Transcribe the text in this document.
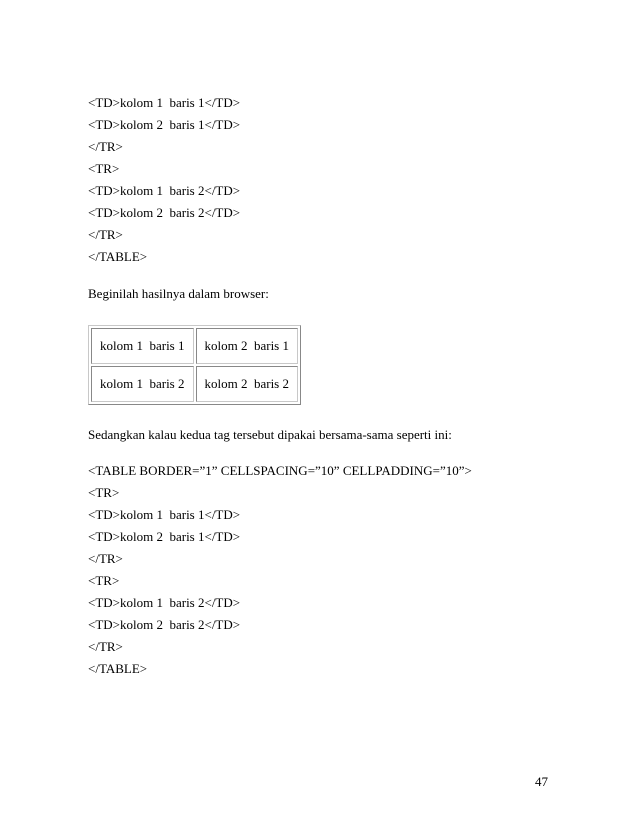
<TD>kolom 1  baris 1</TD>
<TD>kolom 2  baris 1</TD>
</TR>
<TR>
<TD>kolom 1  baris 2</TD>
<TD>kolom 2  baris 2</TD>
</TR>
</TABLE>
Beginilah hasilnya dalam browser:
kolom 1  baris 1	kolom 2  baris 1
kolom 1  baris 2	kolom 2  baris 2
Sedangkan kalau kedua tag tersebut dipakai bersama-sama seperti ini:
<TABLE BORDER=”1” CELLSPACING=”10” CELLPADDING=”10”>
<TR>
<TD>kolom 1  baris 1</TD>
<TD>kolom 2  baris 1</TD>
</TR>
<TR>
<TD>kolom 1  baris 2</TD>
<TD>kolom 2  baris 2</TD>
</TR>
</TABLE>
47
